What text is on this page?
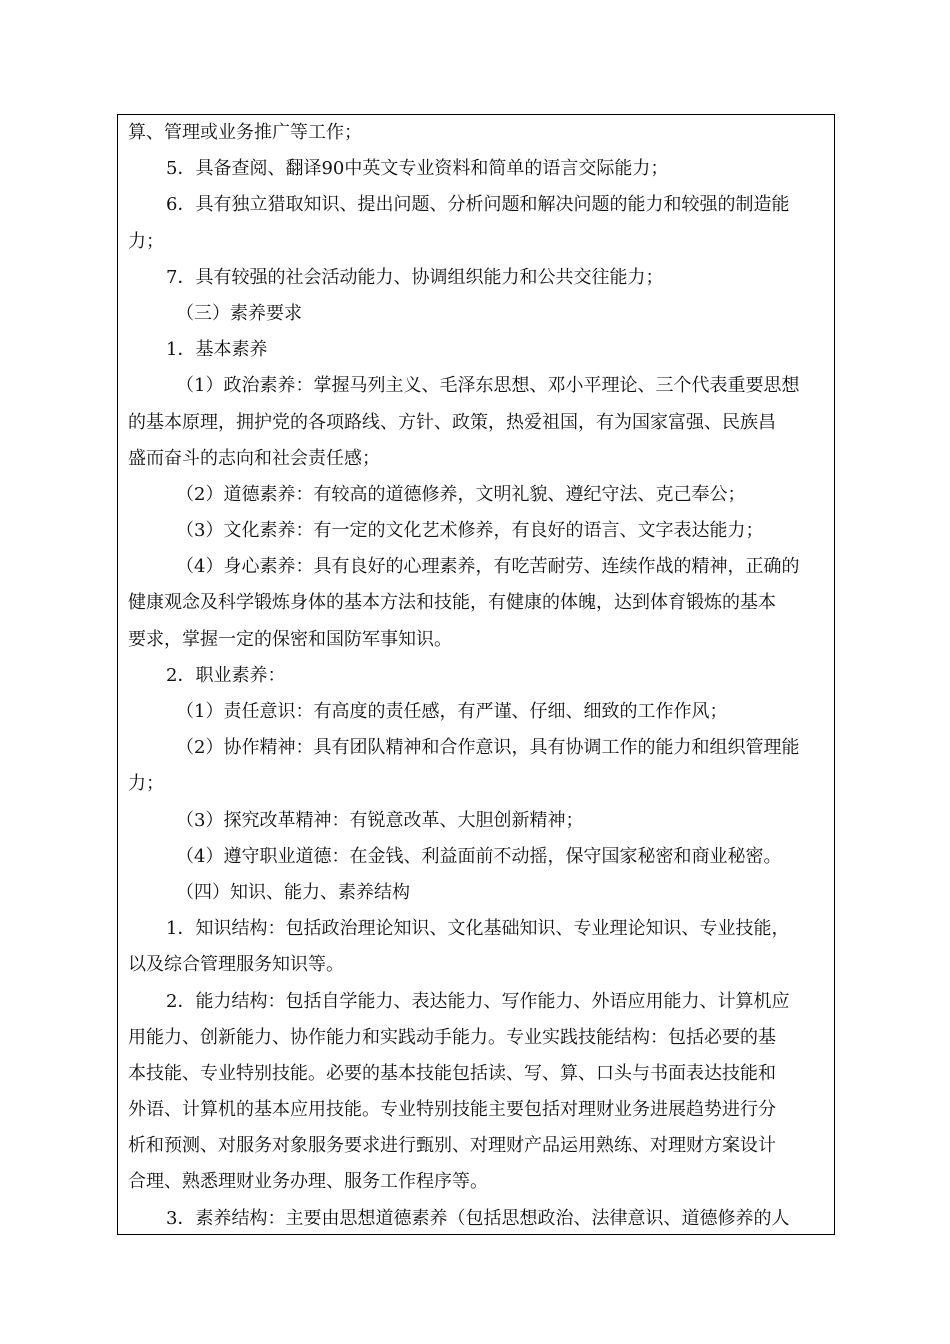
算、管理或业务推广等工作；
5．具备查阅、翻译90中英文专业资料和简单的语言交际能力；
6．具有独立猎取知识、提出问题、分析问题和解决问题的能力和较强的制造能
力；
7．具有较强的社会活动能力、协调组织能力和公共交往能力；
（三）素养要求
1．基本素养
（1）政治素养：掌握马列主义、毛泽东思想、邓小平理论、三个代表重要思想
的基本原理，拥护党的各项路线、方针、政策，热爱祖国，有为国家富强、民族昌
盛而奋斗的志向和社会责任感；
（2）道德素养：有较高的道德修养，文明礼貌、遵纪守法、克己奉公；
（3）文化素养：有一定的文化艺术修养，有良好的语言、文字表达能力；
（4）身心素养：具有良好的心理素养，有吃苦耐劳、连续作战的精神，正确的
健康观念及科学锻炼身体的基本方法和技能，有健康的体魄，达到体育锻炼的基本
要求，掌握一定的保密和国防军事知识。
2．职业素养：
（1）责任意识：有高度的责任感，有严谨、仔细、细致的工作作风；
（2）协作精神：具有团队精神和合作意识，具有协调工作的能力和组织管理能
力；
（3）探究改革精神：有锐意改革、大胆创新精神；
（4）遵守职业道德：在金钱、利益面前不动摇，保守国家秘密和商业秘密。
（四）知识、能力、素养结构
1．知识结构：包括政治理论知识、文化基础知识、专业理论知识、专业技能，
以及综合管理服务知识等。
2．能力结构：包括自学能力、表达能力、写作能力、外语应用能力、计算机应
用能力、创新能力、协作能力和实践动手能力。专业实践技能结构：包括必要的基
本技能、专业特别技能。必要的基本技能包括读、写、算、口头与书面表达技能和
外语、计算机的基本应用技能。专业特别技能主要包括对理财业务进展趋势进行分
析和预测、对服务对象服务要求进行甄别、对理财产品运用熟练、对理财方案设计
合理、熟悉理财业务办理、服务工作程序等。
3．素养结构：主要由思想道德素养（包括思想政治、法律意识、道德修养的人
